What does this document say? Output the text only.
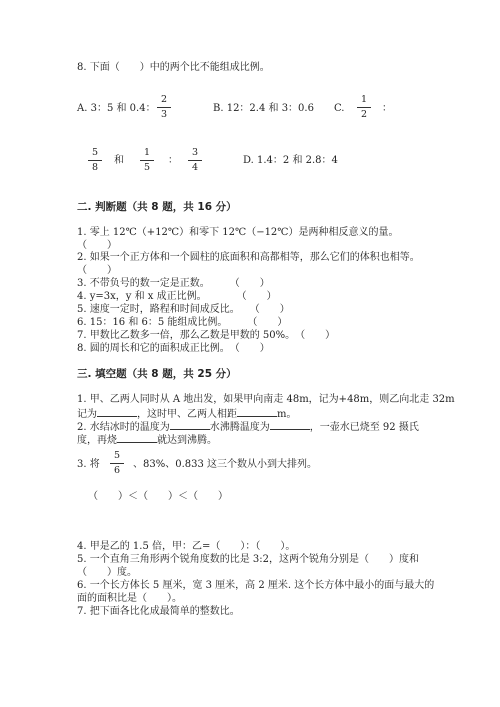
8. 下面（　　）中的两个比不能组成比例。
A. 3：5 和 0.4：
2
3
B. 12：2.4 和 3：0.6 C.
1
2
：
5
8
和
1
5
：
3
4
D. 1.4：2 和 2.8：4
二. 判断题（共 8 题，共 16 分）
1. 零上 12℃（+12℃）和零下 12℃（−12℃）是两种相反意义的量。
（　　）
2. 如果一个正方体和一个圆柱的底面积和高都相等，那么它们的体积也相等。
（　　）
3. 不带负号的数一定是正数。　　　（　　）
4. y=3x，y 和 x 成正比例。　　　　（　　）
5. 速度一定时，路程和时间成反比。　　（　　）
6. 15：16 和 6：5 能组成比例。　　　（　　）
7. 甲数比乙数多一倍，那么乙数是甲数的 50%。　（　　）
8. 圆的周长和它的面积成正比例。　（　　）
三. 填空题（共 8 题，共 25 分）
1. 甲、乙两人同时从 A 地出发，如果甲向南走 48m，记为+48m，则乙向北走 32m
记为	，这时甲、乙两人相距	m。
2. 水结冰时的温度为	水沸腾温度为	，一壶水已烧至 92 摄氏
度，再烧	就达到沸腾。
3. 将
5
6
、83%、0.833 这三个数从小到大排列。
（　　）＜（　　）＜（　　）
4. 甲是乙的 1.5 倍，甲：乙=（　　）：（　　）。
5. 一个直角三角形两个锐角度数的比是 3:2，这两个锐角分别是（　　）度和
（　　）度。
6. 一个长方体长 5 厘米，宽 3 厘米，高 2 厘米. 这个长方体中最小的面与最大的
面的面积比是（　　）。
7. 把下面各比化成最简单的整数比。
